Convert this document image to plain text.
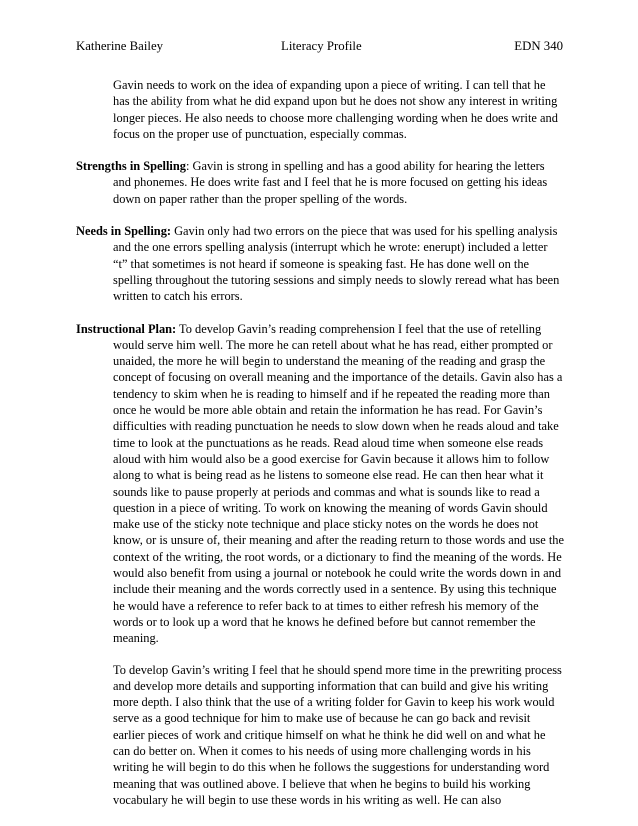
Katherine Bailey	Literacy Profile	EDN 340

Gavin needs to work on the idea of expanding upon a piece of writing. I can tell that he has the ability from what he did expand upon but he does not show any interest in writing longer pieces. He also needs to choose more challenging wording when he does write and focus on the proper use of punctuation, especially commas.

Strengths in Spelling: Gavin is strong in spelling and has a good ability for hearing the letters and phonemes. He does write fast and I feel that he is more focused on getting his ideas down on paper rather than the proper spelling of the words.

Needs in Spelling: Gavin only had two errors on the piece that was used for his spelling analysis and the one errors spelling analysis (interrupt which he wrote: enerupt) included a letter “t” that sometimes is not heard if someone is speaking fast. He has done well on the spelling throughout the tutoring sessions and simply needs to slowly reread what has been written to catch his errors.

Instructional Plan: To develop Gavin’s reading comprehension I feel that the use of retelling would serve him well. The more he can retell about what he has read, either prompted or unaided, the more he will begin to understand the meaning of the reading and grasp the concept of focusing on overall meaning and the importance of the details. Gavin also has a tendency to skim when he is reading to himself and if he repeated the reading more than once he would be more able obtain and retain the information he has read. For Gavin’s difficulties with reading punctuation he needs to slow down when he reads aloud and take time to look at the punctuations as he reads. Read aloud time when someone else reads aloud with him would also be a good exercise for Gavin because it allows him to follow along to what is being read as he listens to someone else read. He can then hear what it sounds like to pause properly at periods and commas and what is sounds like to read a question in a piece of writing. To work on knowing the meaning of words Gavin should make use of the sticky note technique and place sticky notes on the words he does not know, or is unsure of, their meaning and after the reading return to those words and use the context of the writing, the root words, or a dictionary to find the meaning of the words. He would also benefit from using a journal or notebook he could write the words down in and include their meaning and the words correctly used in a sentence. By using this technique he would have a reference to refer back to at times to either refresh his memory of the words or to look up a word that he knows he defined before but cannot remember the meaning.

To develop Gavin’s writing I feel that he should spend more time in the prewriting process and develop more details and supporting information that can build and give his writing more depth. I also think that the use of a writing folder for Gavin to keep his work would serve as a good technique for him to make use of because he can go back and revisit earlier pieces of work and critique himself on what he think he did well on and what he can do better on. When it comes to his needs of using more challenging words in his writing he will begin to do this when he follows the suggestions for understanding word meaning that was outlined above. I believe that when he begins to build his working vocabulary he will begin to use these words in his writing as well. He can also
